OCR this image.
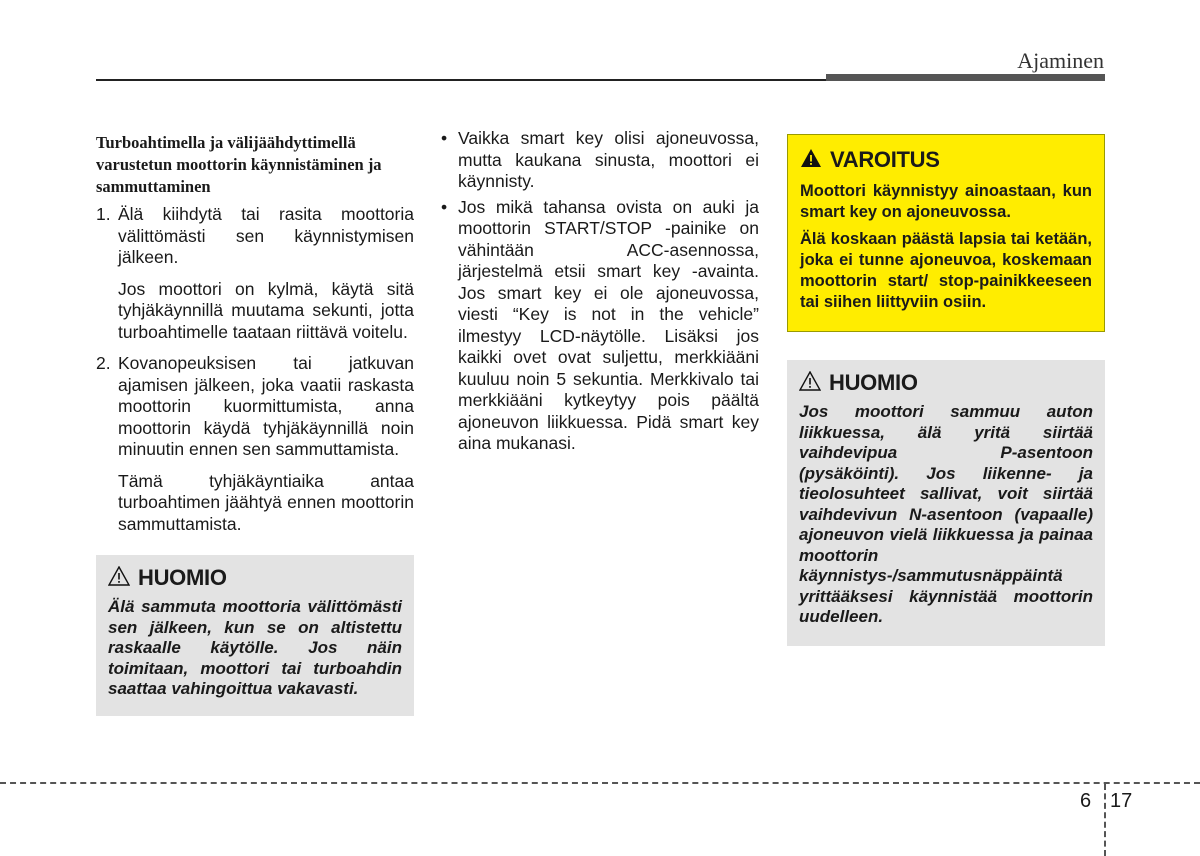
Ajaminen
Turboahtimella ja välijäähdyttimellä varustetun moottorin käynnistäminen ja sammuttaminen
1. Älä kiihdytä tai rasita moottoria välittömästi sen käynnistymisen jälkeen.

Jos moottori on kylmä, käytä sitä tyhjäkäynnillä muutama sekunti, jotta turboahtimelle taataan riittävä voitelu.

2. Kovanopeuksisen tai jatkuvan ajamisen jälkeen, joka vaatii raskasta moottorin kuormittumista, anna moottorin käydä tyhjäkäynnillä noin minuutin ennen sen sammuttamista.

Tämä tyhjäkäyntiaika antaa turboahtimen jäähtyä ennen moottorin sammuttamista.

HUOMIO
Älä sammuta moottoria välittömästi sen jälkeen, kun se on altistettu raskaalle käytölle. Jos näin toimitaan, moottori tai turboahdin saattaa vahingoittua vakavasti.
• Vaikka smart key olisi ajoneuvossa, mutta kaukana sinusta, moottori ei käynnisty.
• Jos mikä tahansa ovista on auki ja moottorin START/STOP -painike on vähintään ACC-asennossa, järjestelmä etsii smart key -avainta. Jos smart key ei ole ajoneuvossa, viesti “Key is not in the vehicle” ilmestyy LCD-näytölle. Lisäksi jos kaikki ovet ovat suljettu, merkkiääni kuuluu noin 5 sekuntia. Merkkivalo tai merkkiääni kytkeytyy pois päältä ajoneuvon liikkuessa. Pidä smart key aina mukanasi.
VAROITUS

Moottori käynnistyy ainoastaan, kun smart key on ajoneuvossa.

Älä koskaan päästä lapsia tai ketään, joka ei tunne ajoneuvoa, koskemaan moottorin start/ stop-painikkeeseen tai siihen liittyviin osiin.

HUOMIO
Jos moottori sammuu auton liikkuessa, älä yritä siirtää vaihdevipua P-asentoon (pysäköinti). Jos liikenne- ja tieolosuhteet sallivat, voit siirtää vaihdevivun N-asentoon (vapaalle) ajoneuvon vielä liikkuessa ja painaa moottorin käynnistys-/sammutusnäppäintä yrittääksesi käynnistää moottorin uudelleen.
6 17
